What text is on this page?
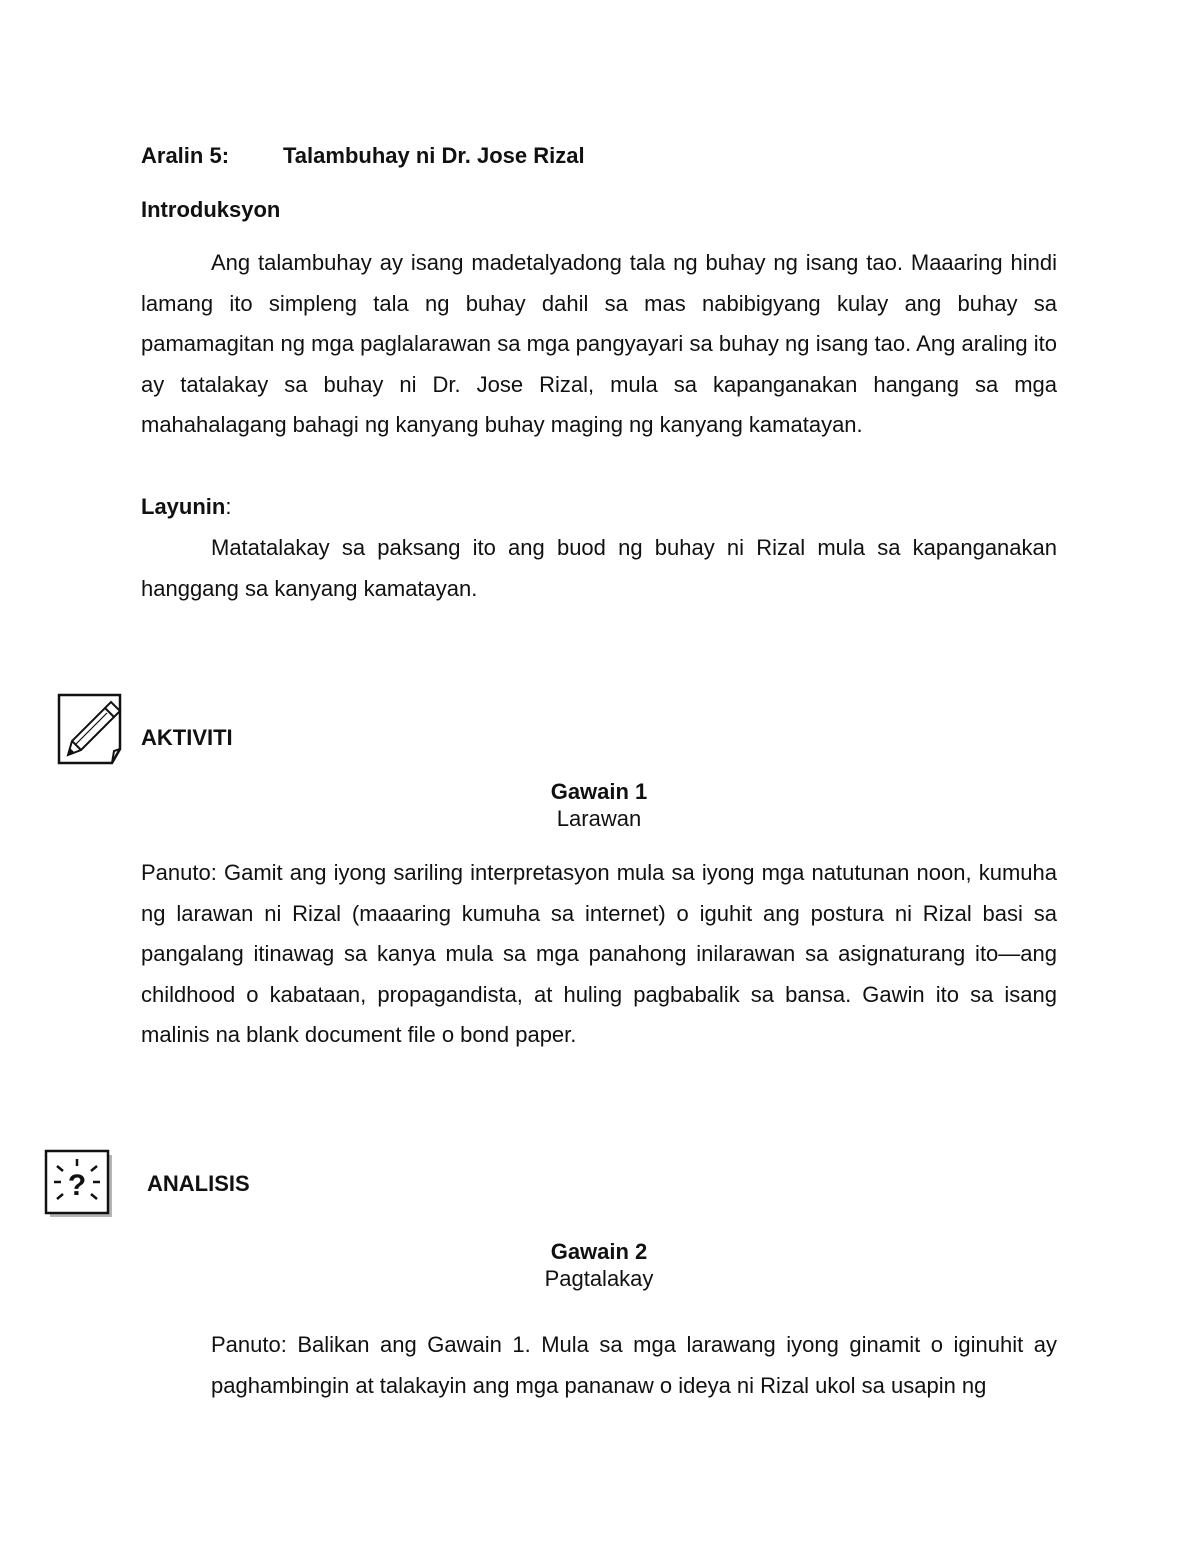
Aralin 5: Talambuhay ni Dr. Jose Rizal
Introduksyon

Ang talambuhay ay isang madetalyadong tala ng buhay ng isang tao. Maaaring hindi lamang ito simpleng tala ng buhay dahil sa mas nabibigyang kulay ang buhay sa pamamagitan ng mga paglalarawan sa mga pangyayari sa buhay ng isang tao. Ang araling ito ay tatalakay sa buhay ni Dr. Jose Rizal, mula sa kapanganakan hangang sa mga mahahalagang bahagi ng kanyang buhay maging ng kanyang kamatayan.

Layunin:

Matatalakay sa paksang ito ang buod ng buhay ni Rizal mula sa kapanganakan hanggang sa kanyang kamatayan.

AKTIVITI
Gawain 1
Larawan

Panuto: Gamit ang iyong sariling interpretasyon mula sa iyong mga natutunan noon, kumuha ng larawan ni Rizal (maaaring kumuha sa internet) o iguhit ang postura ni Rizal basi sa pangalang itinawag sa kanya mula sa mga panahong inilarawan sa asignaturang ito—ang childhood o kabataan, propagandista, at huling pagbabalik sa bansa. Gawin ito sa isang malinis na blank document file o bond paper.

?	ANALISIS
Gawain 2
Pagtalakay

Panuto: Balikan ang Gawain 1. Mula sa mga larawang iyong ginamit o iginuhit ay paghambingin at talakayin ang mga pananaw o ideya ni Rizal ukol sa usapin ng
